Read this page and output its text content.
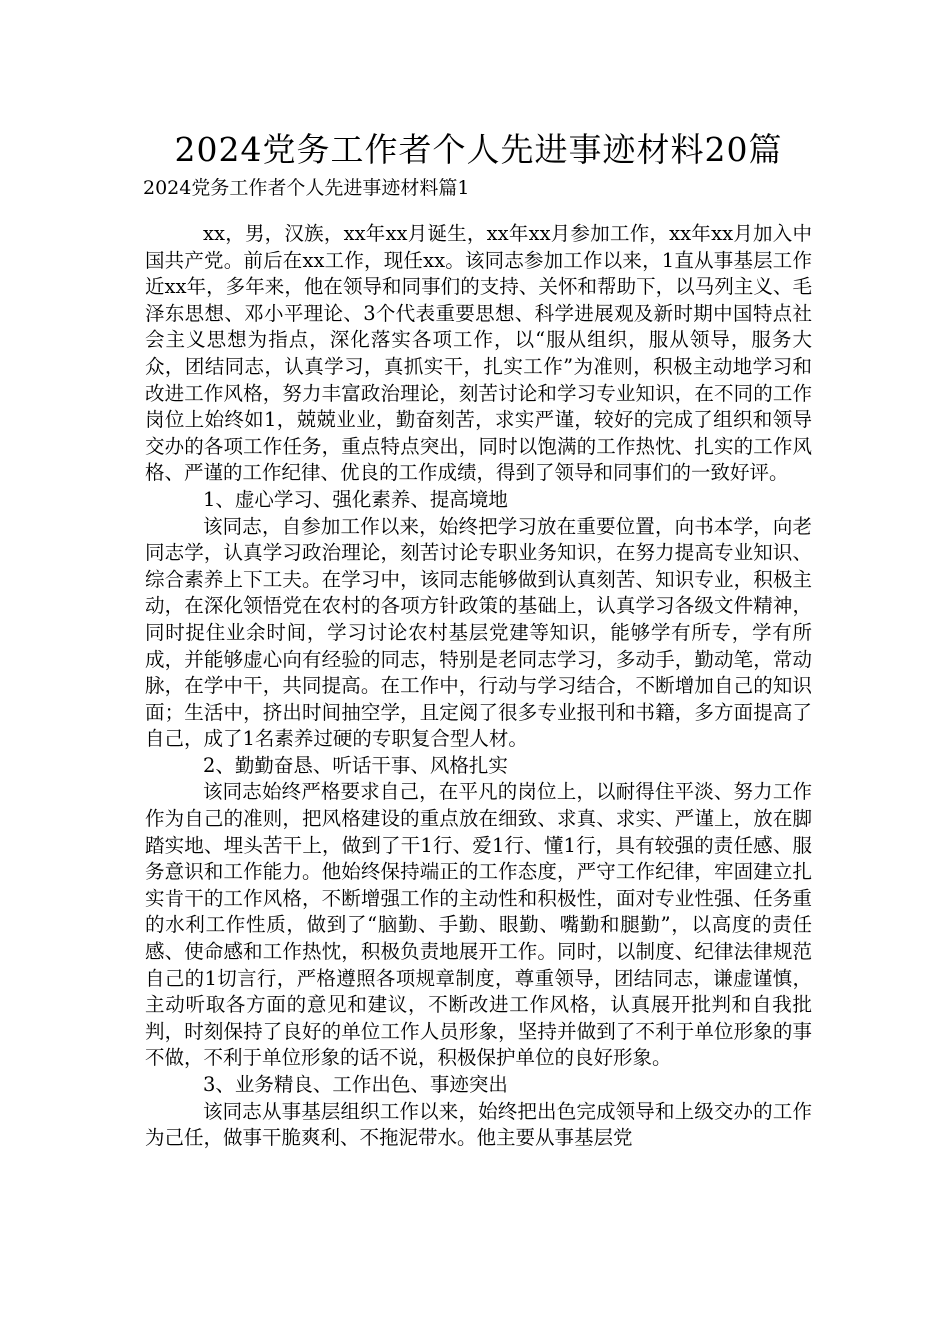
2024党务工作者个人先进事迹材料20篇
2024党务工作者个人先进事迹材料篇1

xx，男，汉族，xx年xx月诞生，xx年xx月参加工作，xx年xx月加入中国共产党。前后在xx工作，现任xx。该同志参加工作以来，1直从事基层工作近xx年，多年来，他在领导和同事们的支持、关怀和帮助下，以马列主义、毛泽东思想、邓小平理论、3个代表重要思想、科学进展观及新时期中国特点社会主义思想为指点，深化落实各项工作，以“服从组织，服从领导，服务大众，团结同志，认真学习，真抓实干，扎实工作”为准则，积极主动地学习和改进工作风格，努力丰富政治理论，刻苦讨论和学习专业知识，在不同的工作岗位上始终如1，兢兢业业，勤奋刻苦，求实严谨，较好的完成了组织和领导交办的各项工作任务，重点特点突出，同时以饱满的工作热忱、扎实的工作风格、严谨的工作纪律、优良的工作成绩，得到了领导和同事们的一致好评。

1、虚心学习、强化素养、提高境地

该同志，自参加工作以来，始终把学习放在重要位置，向书本学，向老同志学，认真学习政治理论，刻苦讨论专职业务知识，在努力提高专业知识、综合素养上下工夫。在学习中，该同志能够做到认真刻苦、知识专业，积极主动，在深化领悟党在农村的各项方针政策的基础上，认真学习各级文件精神，同时捉住业余时间，学习讨论农村基层党建等知识，能够学有所专，学有所成，并能够虚心向有经验的同志，特别是老同志学习，多动手，勤动笔，常动脉，在学中干，共同提高。在工作中，行动与学习结合，不断增加自己的知识面；生活中，挤出时间抽空学，且定阅了很多专业报刊和书籍，多方面提高了自己，成了1名素养过硬的专职复合型人材。

2、勤勤奋恳、听话干事、风格扎实

该同志始终严格要求自己，在平凡的岗位上，以耐得住平淡、努力工作作为自己的准则，把风格建设的重点放在细致、求真、求实、严谨上，放在脚踏实地、埋头苦干上，做到了干1行、爱1行、懂1行，具有较强的责任感、服务意识和工作能力。他始终保持端正的工作态度，严守工作纪律，牢固建立扎实肯干的工作风格，不断增强工作的主动性和积极性，面对专业性强、任务重的水利工作性质，做到了“脑勤、手勤、眼勤、嘴勤和腿勤”，以高度的责任感、使命感和工作热忱，积极负责地展开工作。同时，以制度、纪律法律规范自己的1切言行，严格遵照各项规章制度，尊重领导，团结同志，谦虚谨慎，主动听取各方面的意见和建议，不断改进工作风格，认真展开批判和自我批判，时刻保持了良好的单位工作人员形象，坚持并做到了不利于单位形象的事不做，不利于单位形象的话不说，积极保护单位的良好形象。

3、业务精良、工作出色、事迹突出

该同志从事基层组织工作以来，始终把出色完成领导和上级交办的工作为己任，做事干脆爽利、不拖泥带水。他主要从事基层党
